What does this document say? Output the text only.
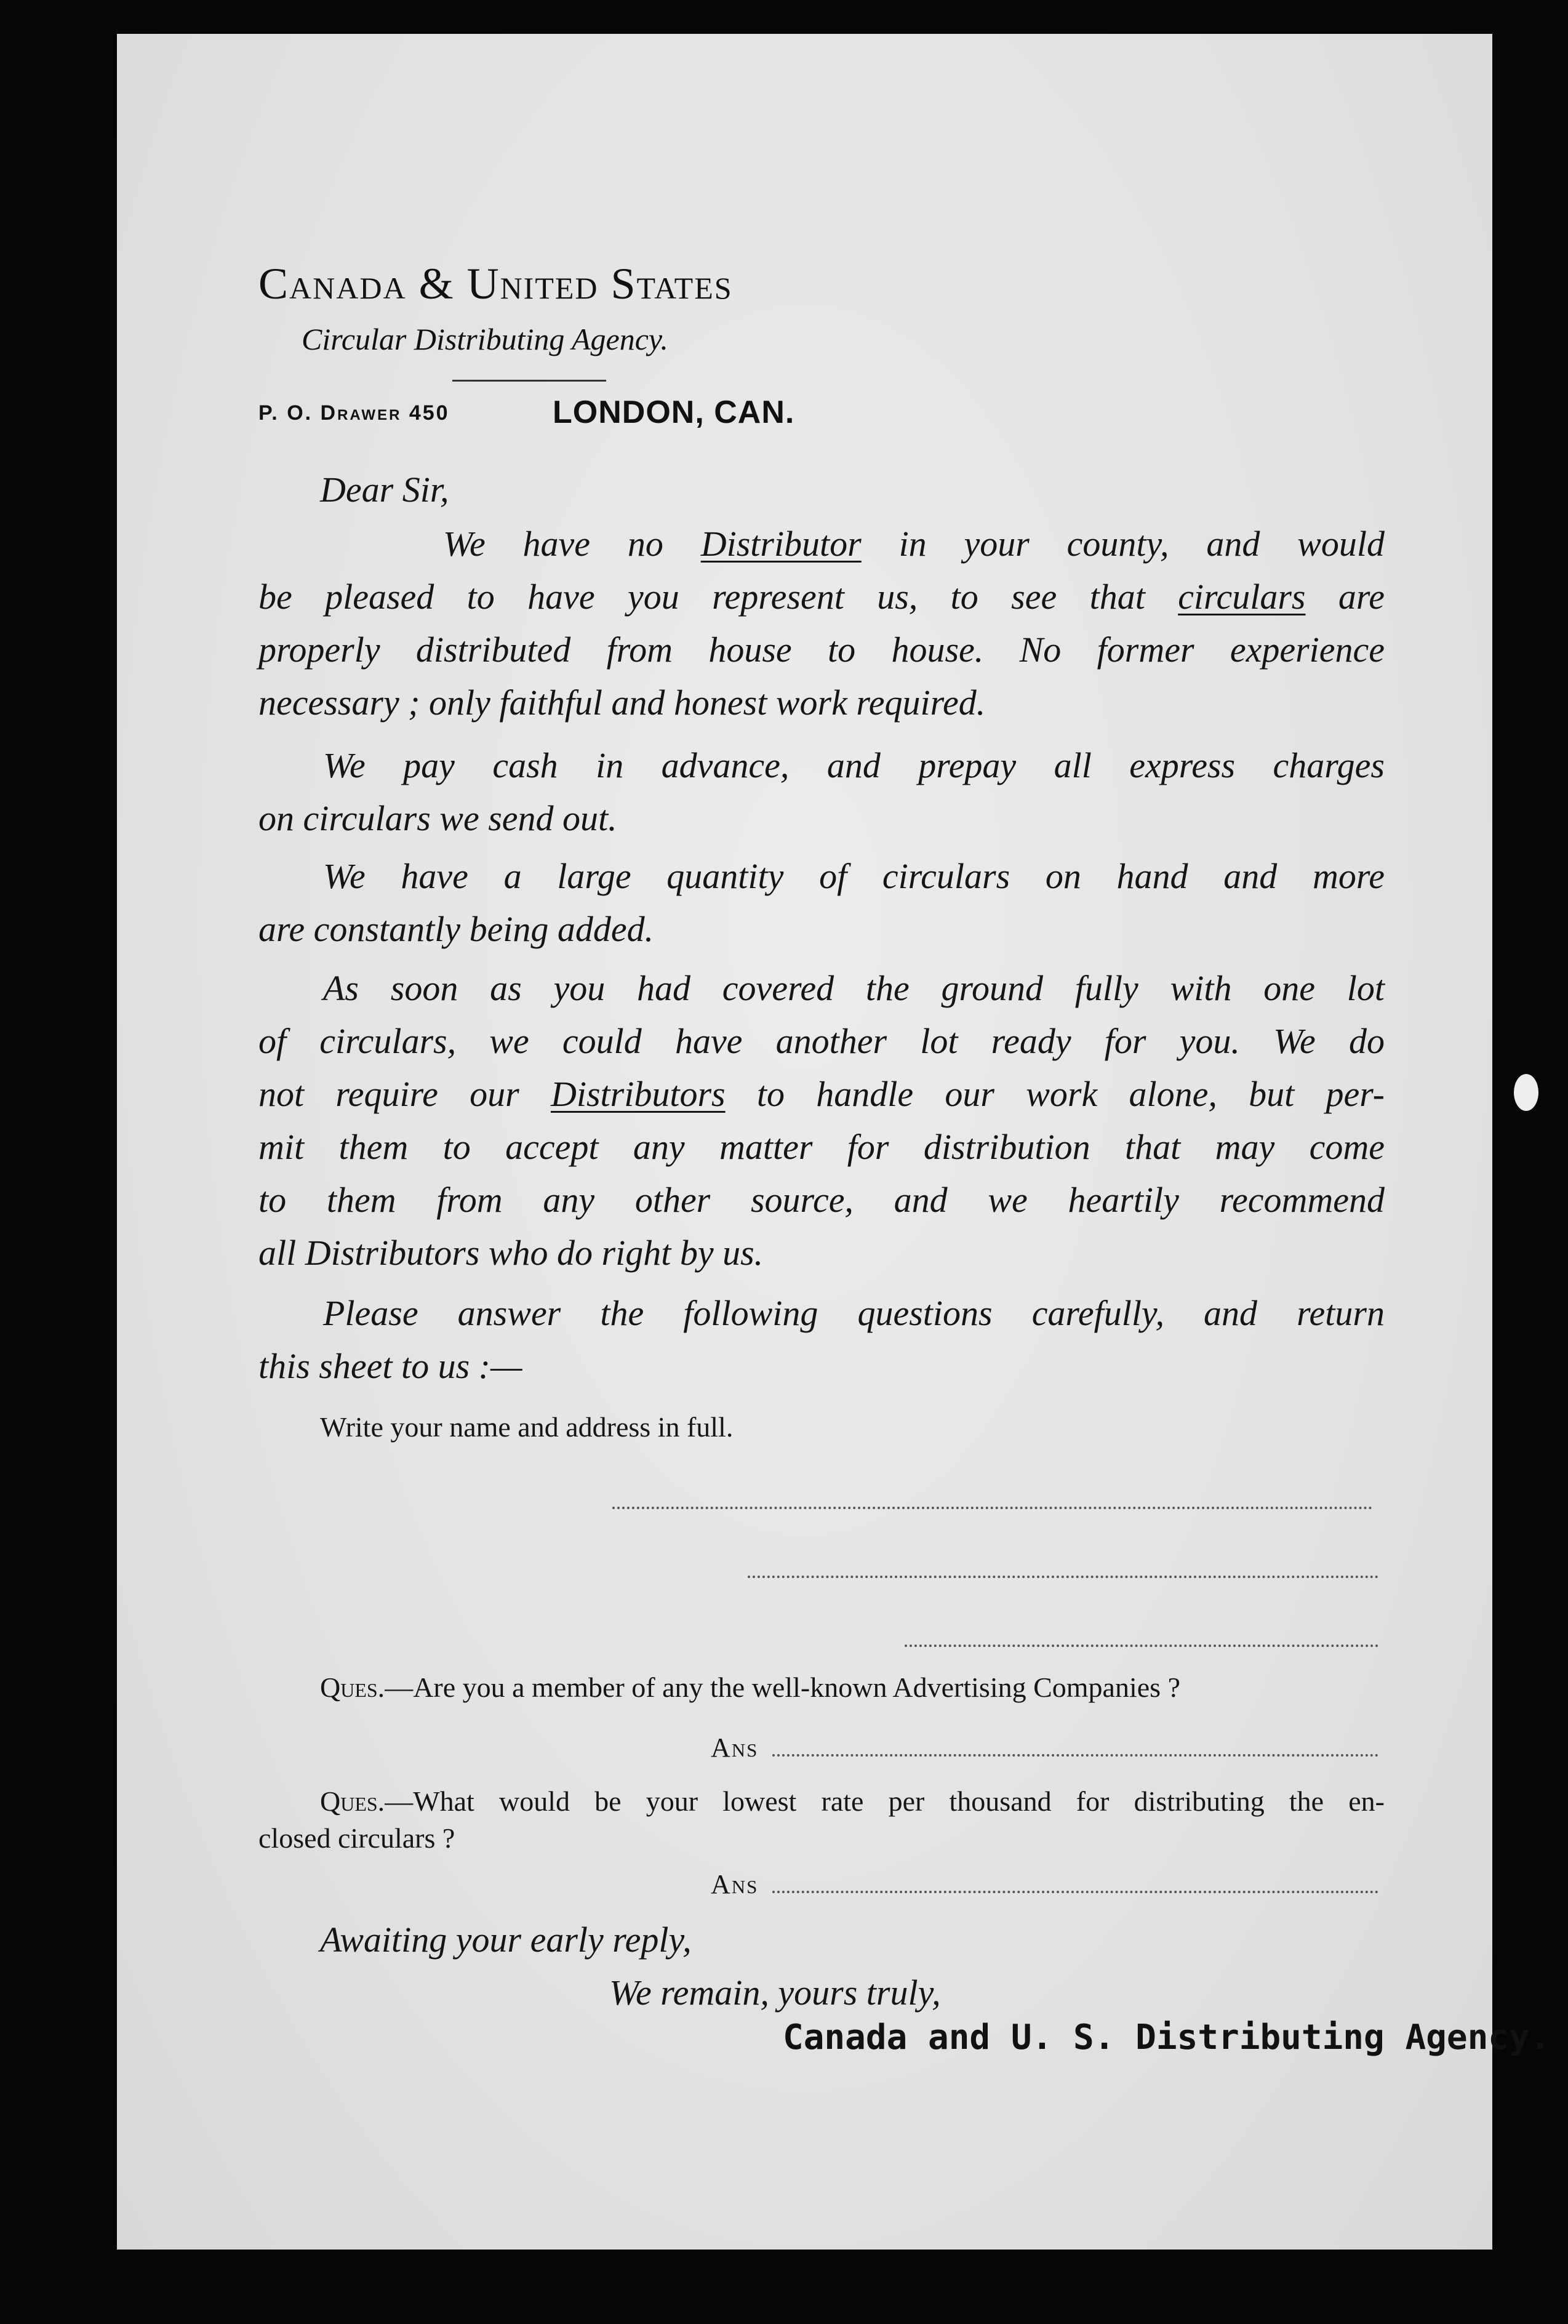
Canada & United States
Circular Distributing Agency.
P. O. Drawer 450	LONDON, CAN.
Dear Sir,
We have no Distributor in your county, and would
be pleased to have you represent us, to see that circulars are
properly distributed from house to house. No former experience
necessary ; only faithful and honest work required.
We pay cash in advance, and prepay all express charges
on circulars we send out.
We have a large quantity of circulars on hand and more
are constantly being added.
As soon as you had covered the ground fully with one lot
of circulars, we could have another lot ready for you. We do
not require our Distributors to handle our work alone, but per-
mit them to accept any matter for distribution that may come
to them from any other source, and we heartily recommend
all Distributors who do right by us.
Please answer the following questions carefully, and return
this sheet to us :—
Write your name and address in full.
Ques.—Are you a member of any the well-known Advertising Companies ?
Ans
Ques.—What would be your lowest rate per thousand for distributing the en-
closed circulars ?
Ans
Awaiting your early reply,
We remain, yours truly,
Canada and U. S. Distributing Agency.
